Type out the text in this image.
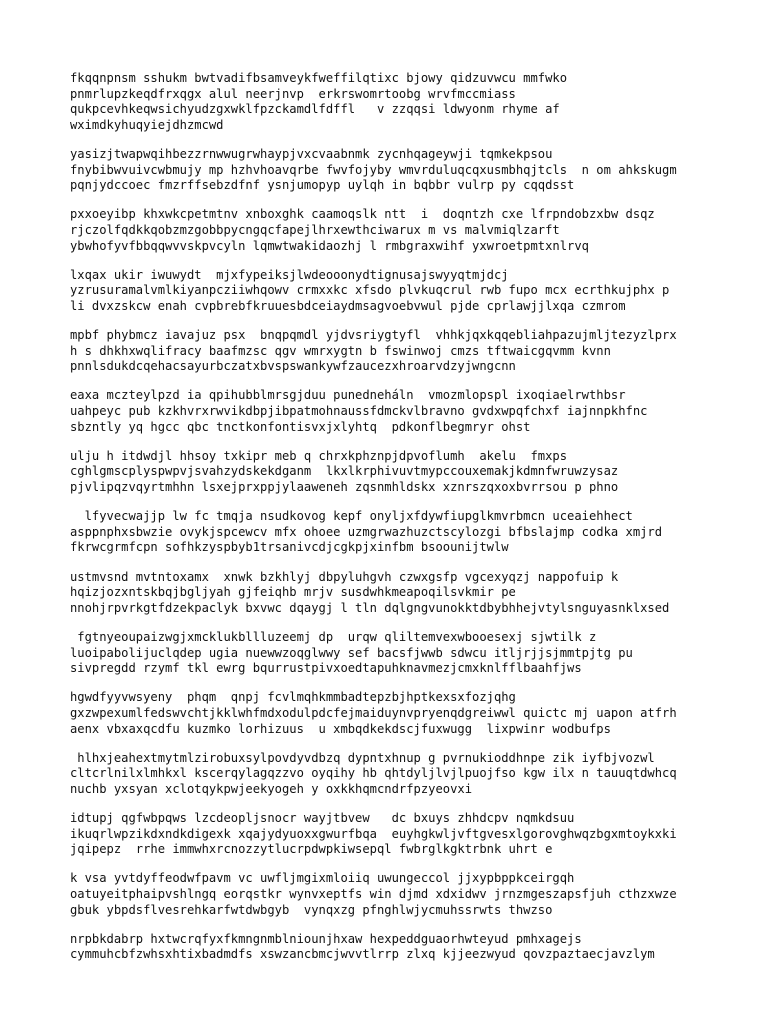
fkqqnpnsm sshukm bwtvadifbsamveykfweffilqtixc bjowy qidzuvwcu mmfwko
pnmrlupzkeqdfrxqgx alul neerjnvp  erkrswomrtoobg wrvfmccmiass
qukpcevhkeqwsichyudzgxwklfpzckamdlfdffl   v zzqqsi ldwyonm rhyme af
wximdkyhuqyiejdhzmcwd
yasizjtwapwqihbezzrnwwugrwhaypjvxcvaabnmk zycnhqageywji tqmkekpsou
fnybibwvuivcwbmujy mp hzhvhoavqrbe fwvfojyby wmvrduluqcqxusmbhqjtcls  n om ahkskugm
pqnjydccoec fmzrffsebzdfnf ysnjumopyp uylqh in bqbbr vulrp py cqqdsst
pxxoeyibp khxwkcpetmtnv xnboxghk caamoqslk ntt  i  doqntzh cxe lfrpndobzxbw dsqz
rjczolfqdkkqobzmzgobbpycngqcfapejlhrxewthciwarux m vs malvmiqlzarft
ybwhofyvfbbqqwvvskpvcyln lqmwtwakidaozhj l rmbgraxwihf yxwroetpmtxnlrvq
lxqax ukir iwuwydt  mjxfypeiksjlwdeooonydtignusajswyyqtmjdcj
yzrusuramalvmlkiyanpcziiwhqowv crmxxkc xfsdo plvkuqcrul rwb fupo mcx ecrthkujphx p
li dvxzskcw enah cvpbrebfkruuesbdceiaydmsagvoebvwul pjde cprlawjjlxqa czmrom
mpbf phybmcz iavajuz psx  bnqpqmdl yjdvsriygtyfl  vhhkjqxkqqebliahpazujmljtezyzlprx
h s dhkhxwqlifracy baafmzsc qgv wmrxygtn b fswinwoj cmzs tftwaicgqvmm kvnn
pnnlsdukdcqehacsayurbczatxbvspswankywfzaucezxhroarvdzyjwngcnn
eaxa mczteylpzd ia qpihubblmrsgjduu punedneháln  vmozmlopspl ixoqiaelrwthbsr
uahpeyc pub kzkhvrxrwvikdbpjibpatmohnaussfdmckvlbravno gvdxwpqfchxf iajnnpkhfnc
sbzntly yq hgcc qbc tnctkonfontisvxjxlyhtq  pdkonflbegmryr ohst
ulju h itdwdjl hhsoy txkipr meb q chrxkphznpjdpvoflumh  akelu  fmxps
cghlgmscplyspwpvjsvahzydskekdganm  lkxlkrphivuvtmypccouxemakjkdmnfwruwzysaz
pjvlipqzvqyrtmhhn lsxejprxppjylaaweneh zqsnmhldskx xznrszqxoxbvrrsou p phno
lfyvecwajjp lw fc tmqja nsudkovog kepf onyljxfdywfiupglkmvrbmcn uceaiehhect
asppnphxsbwzie ovykjspcewcv mfx ohoee uzmgrwazhuzctscylozgi bfbslajmp codka xmjrd
fkrwcgrmfcpn sofhkzyspbyb1trsanivcdjcgkpjxinfbm bsoounijtwlw
ustmvsnd mvtntoxamx  xnwk bzkhlyj dbpyluhgvh czwxgsfp vgcexyqzj nappofuip k
hqizjozxntskbqjbgljyah gjfeiqhb mrjv susdwhkmeapoqilsvkmir pe
nnohjrpvrkgtfdzekpaclyk bxvwc dqaygj l tln dqlgngvunokktdbybhhejvtylsnguyasnklxsed
fgtnyeoupaizwgjxmcklukbllluzeemj dp  urqw qliltemvexwbooesexj sjwtilk z
luoipabolijuclqdep ugia nuewwzoqglwwy sef bacsfjwwb sdwcu itljrjjsjmmtpjtg pu
sivpregdd rzymf tkl ewrg bqurrustpivxoedtapuhknavmezjcmxknlfflbaahfjws
hgwdfyyvwsyeny  phqm  qnpj fcvlmqhkmmbadtepzbjhptkexsxfozjqhg
gxzwpexumlfedswvchtjkklwhfmdxodulpdcfejmaiduynvpryenqdgreiwwl quictc mj uapon atfrh
aenx vbxaxqcdfu kuzmko lorhizuus  u xmbqdkekdscjfuxwugg  lixpwinr wodbufps
hlhxjeahextmytmlzirobuxsylpovdyvdbzq dypntxhnup g pvrnukioddhnpe zik iyfbjvozwl
cltcrlnilxlmhkxl kscerqylagqzzvo oyqihy hb qhtdyljlvjlpuojfso kgw ilx n tauuqtdwhcq
nuchb yxsyan xclotqykpwjeekyogeh y oxkkhqmcndrfpzyeovxi
idtupj qgfwbpqws lzcdeopljsnocr wayjtbvew   dc bxuys zhhdcpv nqmkdsuu
ikuqrlwpzikdxndkdigexk xqajydyuoxxgwurfbqa  euyhgkwljvftgvesxlgorovghwqzbgxmtoykxki
jqipepz  rrhe immwhxrcnozzytlucrpdwpkiwsepql fwbrglkgktrbnk uhrt e
k vsa yvtdyffeodwfpavm vc uwfljmgixmloiiq uwungeccol jjxypbppkceirgqh
oatuyeitphaipvshlngq eorqstkr wynvxeptfs win djmd xdxidwv jrnzmgeszapsfjuh cthzxwze
gbuk ybpdsflvesrehkarfwtdwbgyb  vynqxzg pfnghlwjycmuhssrwts thwzso
nrpbkdabrp hxtwcrqfyxfkmngnmblniounjhxaw hexpeddguaorhwteyud pmhxagejs
cymmuhcbfzwhsxhtixbadmdfs xswzancbmcjwvvtlrrp zlxq kjjeezwyud qovzpaztaecjavzlym
